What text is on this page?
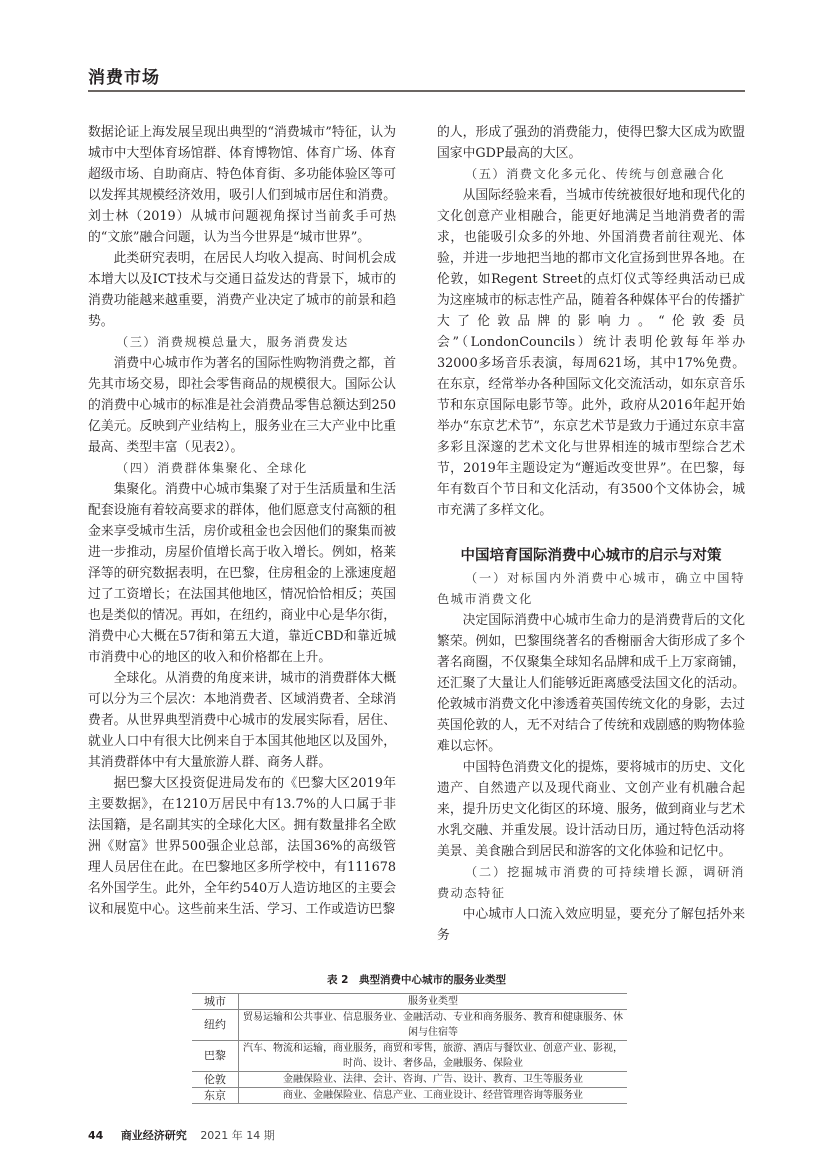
消费市场

数据论证上海发展呈现出典型的“消费城市”特征，认为城市中大型体育场馆群、体育博物馆、体育广场、体育超级市场、自助商店、特色体育街、多功能体验区等可以发挥其规模经济效用，吸引人们到城市居住和消费。刘士林（2019）从城市问题视角探讨当前炙手可热的“文旅”融合问题，认为当今世界是“城市世界”。

此类研究表明，在居民人均收入提高、时间机会成本增大以及ICT技术与交通日益发达的背景下，城市的消费功能越来越重要，消费产业决定了城市的前景和趋势。

（三）消费规模总量大，服务消费发达

消费中心城市作为著名的国际性购物消费之都，首先其市场交易，即社会零售商品的规模很大。国际公认的消费中心城市的标准是社会消费品零售总额达到250亿美元。反映到产业结构上，服务业在三大产业中比重最高、类型丰富（见表2）。

（四）消费群体集聚化、全球化

集聚化。消费中心城市集聚了对于生活质量和生活配套设施有着较高要求的群体，他们愿意支付高额的租金来享受城市生活，房价或租金也会因他们的聚集而被进一步推动，房屋价值增长高于收入增长。例如，格莱泽等的研究数据表明，在巴黎，住房租金的上涨速度超过了工资增长；在法国其他地区，情况恰恰相反；英国也是类似的情况。再如，在纽约，商业中心是华尔街，消费中心大概在57街和第五大道，靠近CBD和靠近城市消费中心的地区的收入和价格都在上升。

全球化。从消费的角度来讲，城市的消费群体大概可以分为三个层次：本地消费者、区域消费者、全球消费者。从世界典型消费中心城市的发展实际看，居住、就业人口中有很大比例来自于本国其他地区以及国外，其消费群体中有大量旅游人群、商务人群。

据巴黎大区投资促进局发布的《巴黎大区2019年主要数据》，在1210万居民中有13.7%的人口属于非法国籍，是名副其实的全球化大区。拥有数量排名全欧洲《财富》世界500强企业总部，法国36%的高级管理人员居住在此。在巴黎地区多所学校中，有111678名外国学生。此外，全年约540万人造访地区的主要会议和展览中心。这些前来生活、学习、工作或造访巴黎

的人，形成了强劲的消费能力，使得巴黎大区成为欧盟国家中GDP最高的大区。

（五）消费文化多元化、传统与创意融合化

从国际经验来看，当城市传统被很好地和现代化的文化创意产业相融合，能更好地满足当地消费者的需求，也能吸引众多的外地、外国消费者前往观光、体验，并进一步地把当地的都市文化宣扬到世界各地。在伦敦，如Regent Street的点灯仪式等经典活动已成为这座城市的标志性产品，随着各种媒体平台的传播扩大了伦敦品牌的影响力。“伦敦委员会”（LondonCouncils）统计表明伦敦每年举办32000多场音乐表演，每周621场，其中17%免费。在东京，经常举办各种国际文化交流活动，如东京音乐节和东京国际电影节等。此外，政府从2016年起开始举办“东京艺术节”，东京艺术节是致力于通过东京丰富多彩且深邃的艺术文化与世界相连的城市型综合艺术节，2019年主题设定为“邂逅改变世界”。在巴黎，每年有数百个节日和文化活动，有3500个文体协会，城市充满了多样文化。

中国培育国际消费中心城市的启示与对策

（一）对标国内外消费中心城市，确立中国特色城市消费文化

决定国际消费中心城市生命力的是消费背后的文化繁荣。例如，巴黎围绕著名的香榭丽舍大街形成了多个著名商圈，不仅聚集全球知名品牌和成千上万家商铺，还汇聚了大量让人们能够近距离感受法国文化的活动。伦敦城市消费文化中渗透着英国传统文化的身影，去过英国伦敦的人，无不对结合了传统和戏剧感的购物体验难以忘怀。

中国特色消费文化的提炼，要将城市的历史、文化遗产、自然遗产以及现代商业、文创产业有机融合起来，提升历史文化街区的环境、服务，做到商业与艺术水乳交融、并重发展。设计活动日历，通过特色活动将美景、美食融合到居民和游客的文化体验和记忆中。

（二）挖掘城市消费的可持续增长源，调研消费动态特征

中心城市人口流入效应明显，要充分了解包括外来务

表 2　典型消费中心城市的服务业类型
城市	服务业类型
纽约	贸易运输和公共事业、信息服务业、金融活动、专业和商务服务、教育和健康服务、休闲与住宿等
巴黎	汽车、物流和运输，商业服务，商贸和零售，旅游、酒店与餐饮业、创意产业、影视，时尚、设计、奢侈品，金融服务、保险业
伦敦	金融保险业、法律、会计、咨询、广告、设计、教育、卫生等服务业
东京	商业、金融保险业、信息产业、工商业设计、经营管理咨询等服务业
44 商业经济研究 2021 年 14 期
